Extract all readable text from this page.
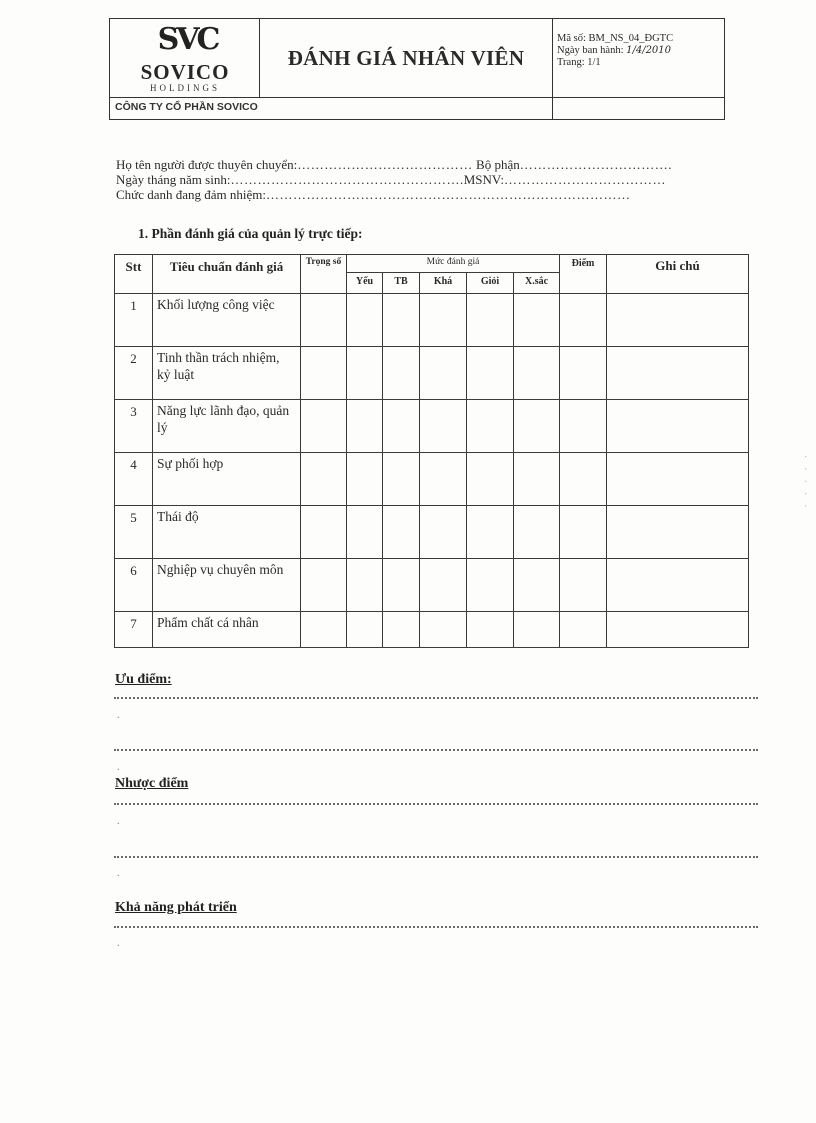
SVC
SOVICO
HOLDINGS
ĐÁNH GIÁ NHÂN VIÊN
Mã số: BM_NS_04_ĐGTC
Ngày ban hành: 1/4/2010
Trang: 1/1
CÔNG TY CỔ PHẦN SOVICO
Họ tên người được thuyên chuyển:………………………………… Bộ phận…………………………….
Ngày tháng năm sinh:…………………………………………….MSNV:………………………………
Chức danh đang đảm nhiệm:………………………………………………………………………
1. Phần đánh giá của quản lý trực tiếp:
Stt	Tiêu chuẩn đánh giá	Trọng số	Mức đánh giá					Điểm	Ghi chú
			Yếu	TB	Khá	Giỏi	X.sắc		
1	Khối lượng công việc								
2	Tinh thần trách nhiệm, kỷ luật								
3	Năng lực lãnh đạo, quản lý								
4	Sự phối hợp								
5	Thái độ								
6	Nghiệp vụ chuyên môn								
7	Phẩm chất cá nhân								
Ưu điểm:
.
.
Nhược điểm
.
.
Khả năng phát triển
.
· · · · ·
